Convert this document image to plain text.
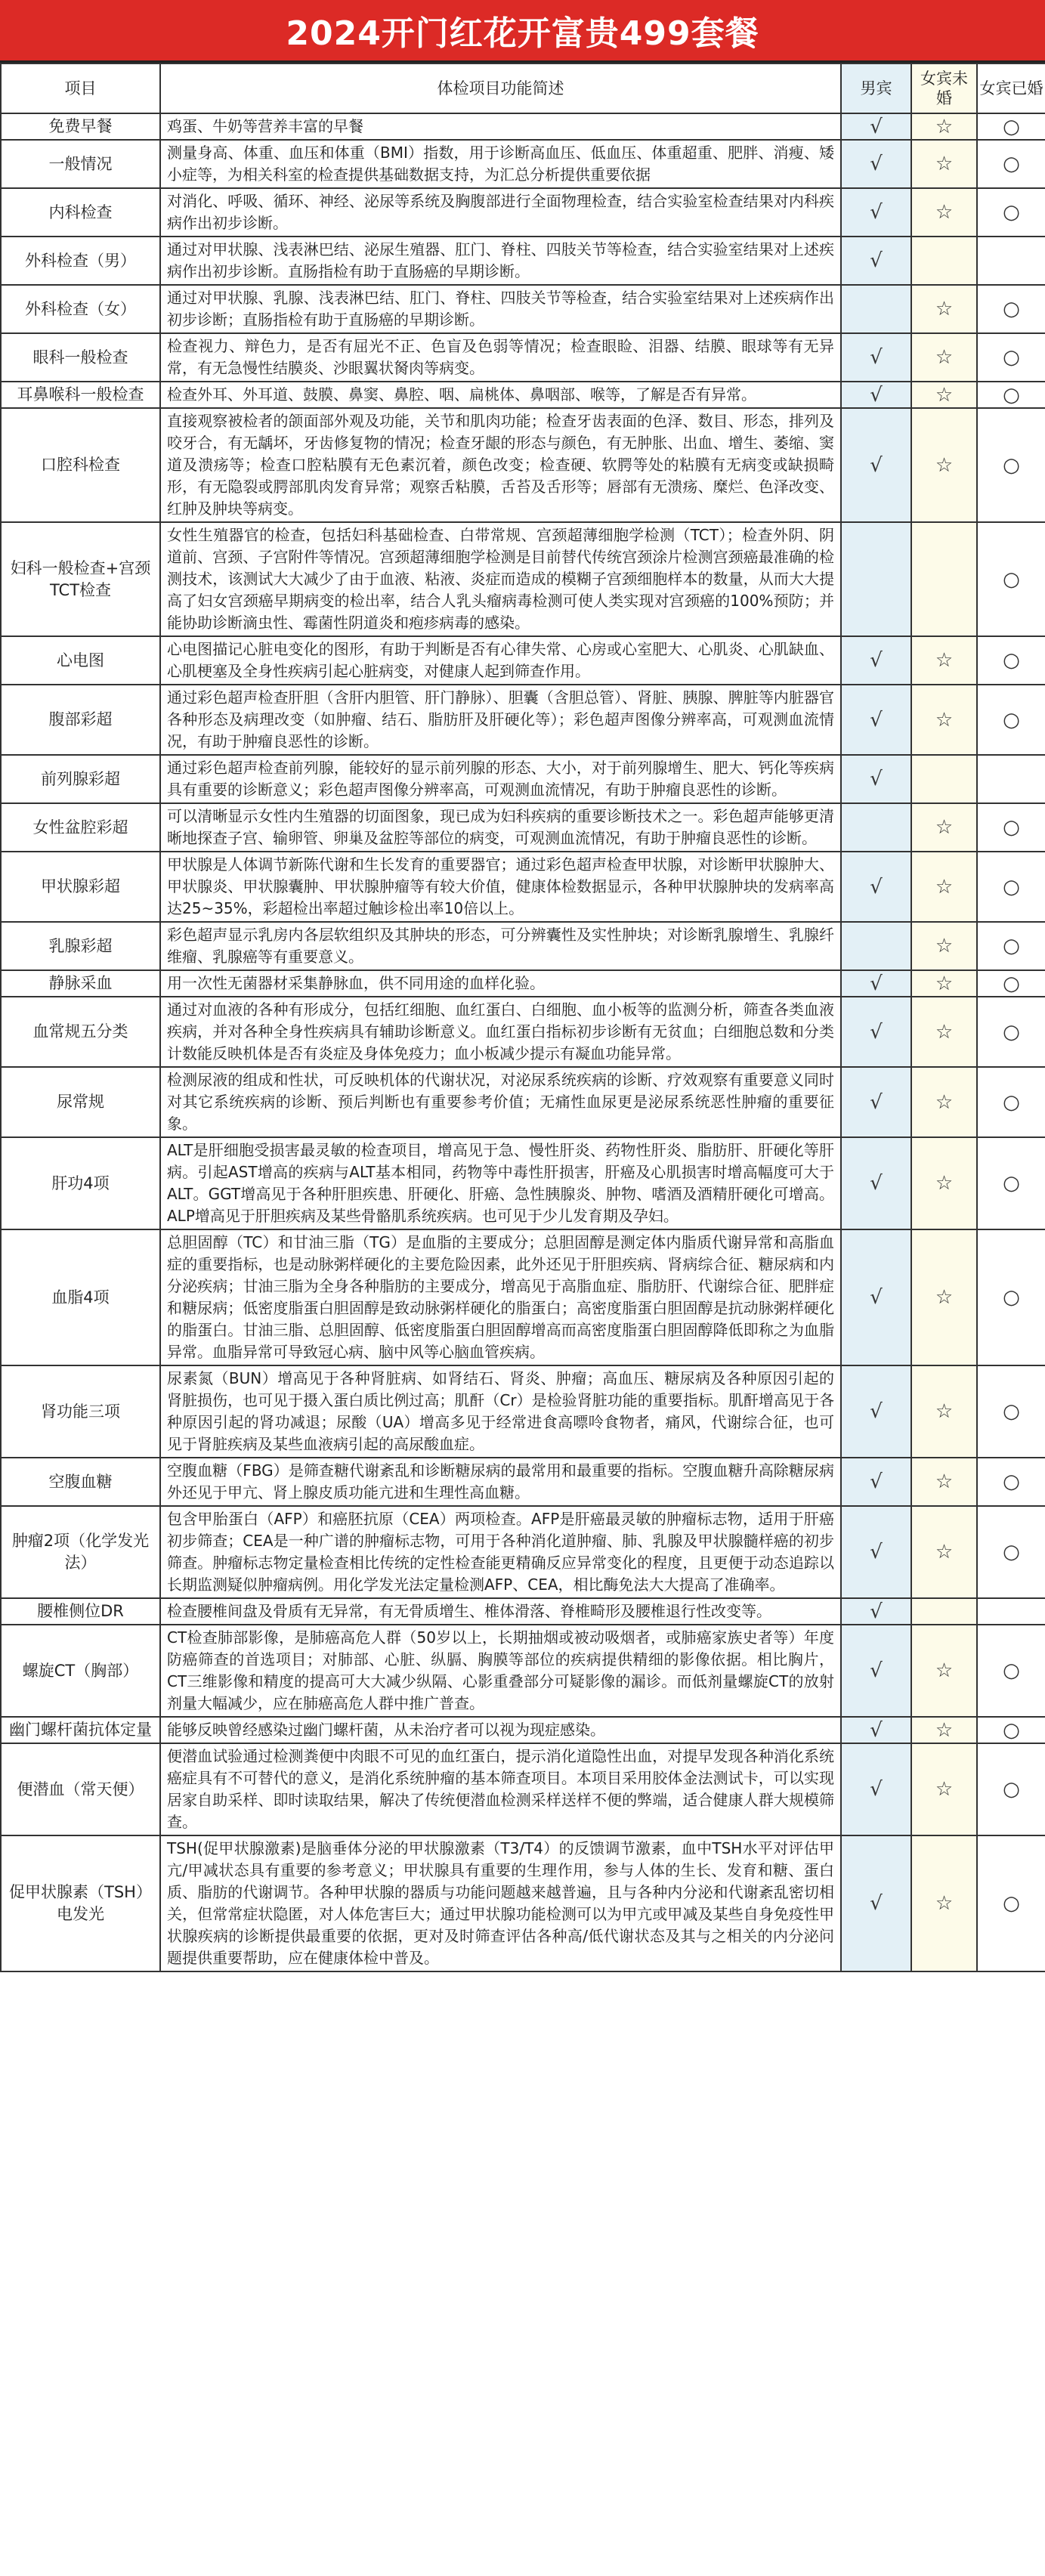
2024开门红花开富贵499套餐
项目	体检项目功能简述	男宾	女宾未婚	女宾已婚
免费早餐	鸡蛋、牛奶等营养丰富的早餐	√	☆	○
一般情况	测量身高、体重、血压和体重（BMI）指数，用于诊断高血压、低血压、体重超重、肥胖、消瘦、矮小症等，为相关科室的检查提供基础数据支持，为汇总分析提供重要依据	√	☆	○
内科检查	对消化、呼吸、循环、神经、泌尿等系统及胸腹部进行全面物理检查，结合实验室检查结果对内科疾病作出初步诊断。	√	☆	○
外科检查（男）	通过对甲状腺、浅表淋巴结、泌尿生殖器、肛门、脊柱、四肢关节等检查，结合实验室结果对上述疾病作出初步诊断。直肠指检有助于直肠癌的早期诊断。	√		
外科检查（女）	通过对甲状腺、乳腺、浅表淋巴结、肛门、脊柱、四肢关节等检查，结合实验室结果对上述疾病作出初步诊断；直肠指检有助于直肠癌的早期诊断。		☆	○
眼科一般检查	检查视力、辩色力，是否有屈光不正、色盲及色弱等情况；检查眼睑、泪器、结膜、眼球等有无异常，有无急慢性结膜炎、沙眼翼状胬肉等病变。	√	☆	○
耳鼻喉科一般检查	检查外耳、外耳道、鼓膜、鼻窦、鼻腔、咽、扁桃体、鼻咽部、喉等，了解是否有异常。	√	☆	○
口腔科检查	直接观察被检者的颌面部外观及功能，关节和肌肉功能；检查牙齿表面的色泽、数目、形态，排列及咬牙合，有无龋坏，牙齿修复物的情况；检查牙龈的形态与颜色，有无肿胀、出血、增生、萎缩、窦道及溃疡等；检查口腔粘膜有无色素沉着，颜色改变；检查硬、软腭等处的粘膜有无病变或缺损畸形，有无隐裂或腭部肌肉发育异常；观察舌粘膜，舌苔及舌形等；唇部有无溃疡、糜烂、色泽改变、红肿及肿块等病变。	√	☆	○
妇科一般检查+宫颈TCT检查	女性生殖器官的检查，包括妇科基础检查、白带常规、宫颈超薄细胞学检测（TCT）；检查外阴、阴道前、宫颈、子宫附件等情况。宫颈超薄细胞学检测是目前替代传统宫颈涂片检测宫颈癌最准确的检测技术，该测试大大减少了由于血液、粘液、炎症而造成的模糊子宫颈细胞样本的数量，从而大大提高了妇女宫颈癌早期病变的检出率，结合人乳头瘤病毒检测可使人类实现对宫颈癌的100%预防；并能协助诊断滴虫性、霉菌性阴道炎和疱疹病毒的感染。			○
心电图	心电图描记心脏电变化的图形，有助于判断是否有心律失常、心房或心室肥大、心肌炎、心肌缺血、心肌梗塞及全身性疾病引起心脏病变，对健康人起到筛查作用。	√	☆	○
腹部彩超	通过彩色超声检查肝胆（含肝内胆管、肝门静脉）、胆囊（含胆总管）、肾脏、胰腺、脾脏等内脏器官各种形态及病理改变（如肿瘤、结石、脂肪肝及肝硬化等）；彩色超声图像分辨率高，可观测血流情况，有助于肿瘤良恶性的诊断。	√	☆	○
前列腺彩超	通过彩色超声检查前列腺，能较好的显示前列腺的形态、大小，对于前列腺增生、肥大、钙化等疾病具有重要的诊断意义；彩色超声图像分辨率高，可观测血流情况，有助于肿瘤良恶性的诊断。	√		
女性盆腔彩超	可以清晰显示女性内生殖器的切面图象，现已成为妇科疾病的重要诊断技术之一。彩色超声能够更清晰地探查子宫、输卵管、卵巢及盆腔等部位的病变，可观测血流情况，有助于肿瘤良恶性的诊断。		☆	○
甲状腺彩超	甲状腺是人体调节新陈代谢和生长发育的重要器官；通过彩色超声检查甲状腺，对诊断甲状腺肿大、甲状腺炎、甲状腺囊肿、甲状腺肿瘤等有较大价值，健康体检数据显示，各种甲状腺肿块的发病率高达25~35%，彩超检出率超过触诊检出率10倍以上。	√	☆	○
乳腺彩超	彩色超声显示乳房内各层软组织及其肿块的形态，可分辨囊性及实性肿块；对诊断乳腺增生、乳腺纤维瘤、乳腺癌等有重要意义。		☆	○
静脉采血	用一次性无菌器材采集静脉血，供不同用途的血样化验。	√	☆	○
血常规五分类	通过对血液的各种有形成分，包括红细胞、血红蛋白、白细胞、血小板等的监测分析，筛查各类血液疾病，并对各种全身性疾病具有辅助诊断意义。血红蛋白指标初步诊断有无贫血；白细胞总数和分类计数能反映机体是否有炎症及身体免疫力；血小板减少提示有凝血功能异常。	√	☆	○
尿常规	检测尿液的组成和性状，可反映机体的代谢状况，对泌尿系统疾病的诊断、疗效观察有重要意义同时对其它系统疾病的诊断、预后判断也有重要参考价值；无痛性血尿更是泌尿系统恶性肿瘤的重要征象。	√	☆	○
肝功4项	ALT是肝细胞受损害最灵敏的检查项目，增高见于急、慢性肝炎、药物性肝炎、脂肪肝、肝硬化等肝病。引起AST增高的疾病与ALT基本相同，药物等中毒性肝损害，肝癌及心肌损害时增高幅度可大于ALT。GGT增高见于各种肝胆疾患、肝硬化、肝癌、急性胰腺炎、肿物、嗜酒及酒精肝硬化可增高。ALP增高见于肝胆疾病及某些骨骼肌系统疾病。也可见于少儿发育期及孕妇。	√	☆	○
血脂4项	总胆固醇（TC）和甘油三脂（TG）是血脂的主要成分；总胆固醇是测定体内脂质代谢异常和高脂血症的重要指标，也是动脉粥样硬化的主要危险因素，此外还见于肝胆疾病、肾病综合征、糖尿病和内分泌疾病；甘油三脂为全身各种脂肪的主要成分，增高见于高脂血症、脂肪肝、代谢综合征、肥胖症和糖尿病；低密度脂蛋白胆固醇是致动脉粥样硬化的脂蛋白；高密度脂蛋白胆固醇是抗动脉粥样硬化的脂蛋白。甘油三脂、总胆固醇、低密度脂蛋白胆固醇增高而高密度脂蛋白胆固醇降低即称之为血脂异常。血脂异常可导致冠心病、脑中风等心脑血管疾病。	√	☆	○
肾功能三项	尿素氮（BUN）增高见于各种肾脏病、如肾结石、肾炎、肿瘤；高血压、糖尿病及各种原因引起的肾脏损伤，也可见于摄入蛋白质比例过高；肌酐（Cr）是检验肾脏功能的重要指标。肌酐增高见于各种原因引起的肾功减退；尿酸（UA）增高多见于经常进食高嘌呤食物者，痛风，代谢综合征，也可见于肾脏疾病及某些血液病引起的高尿酸血症。	√	☆	○
空腹血糖	空腹血糖（FBG）是筛查糖代谢紊乱和诊断糖尿病的最常用和最重要的指标。空腹血糖升高除糖尿病外还见于甲亢、肾上腺皮质功能亢进和生理性高血糖。	√	☆	○
肿瘤2项（化学发光法）	包含甲胎蛋白（AFP）和癌胚抗原（CEA）两项检查。AFP是肝癌最灵敏的肿瘤标志物，适用于肝癌初步筛查；CEA是一种广谱的肿瘤标志物，可用于各种消化道肿瘤、肺、乳腺及甲状腺髓样癌的初步筛查。肿瘤标志物定量检查相比传统的定性检查能更精确反应异常变化的程度，且更便于动态追踪以长期监测疑似肿瘤病例。用化学发光法定量检测AFP、CEA，相比酶免法大大提高了准确率。	√	☆	○
腰椎侧位DR	检查腰椎间盘及骨质有无异常，有无骨质增生、椎体滑落、脊椎畸形及腰椎退行性改变等。	√		
螺旋CT（胸部）	CT检查肺部影像，是肺癌高危人群（50岁以上，长期抽烟或被动吸烟者，或肺癌家族史者等）年度防癌筛查的首选项目；对肺部、心脏、纵膈、胸膜等部位的疾病提供精细的影像依据。相比胸片，CT三维影像和精度的提高可大大减少纵隔、心影重叠部分可疑影像的漏诊。而低剂量螺旋CT的放射剂量大幅减少，应在肺癌高危人群中推广普查。	√	☆	○
幽门螺杆菌抗体定量	能够反映曾经感染过幽门螺杆菌，从未治疗者可以视为现症感染。	√	☆	○
便潜血（常天便）	便潜血试验通过检测粪便中肉眼不可见的血红蛋白，提示消化道隐性出血，对提早发现各种消化系统癌症具有不可替代的意义，是消化系统肿瘤的基本筛查项目。本项目采用胶体金法测试卡，可以实现居家自助采样、即时读取结果，解决了传统便潜血检测采样送样不便的弊端，适合健康人群大规模筛查。	√	☆	○
促甲状腺素（TSH）电发光	TSH(促甲状腺激素)是脑垂体分泌的甲状腺激素（T3/T4）的反馈调节激素，血中TSH水平对评估甲亢/甲减状态具有重要的参考意义；甲状腺具有重要的生理作用，参与人体的生长、发育和糖、蛋白质、脂肪的代谢调节。各种甲状腺的器质与功能问题越来越普遍，且与各种内分泌和代谢紊乱密切相关，但常常症状隐匿，对人体危害巨大；通过甲状腺功能检测可以为甲亢或甲减及某些自身免疫性甲状腺疾病的诊断提供最重要的依据，更对及时筛查评估各种高/低代谢状态及其与之相关的内分泌问题提供重要帮助，应在健康体检中普及。	√	☆	○
